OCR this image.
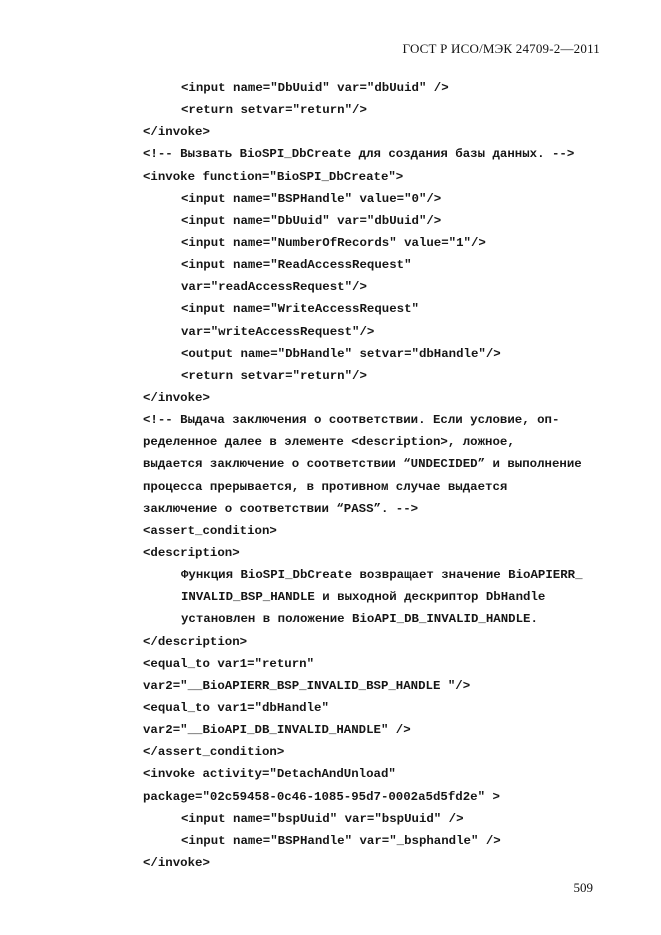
ГОСТ Р ИСО/МЭК 24709-2—2011
<input name="DbUuid" var="dbUuid" />
<return setvar="return"/>
</invoke>
<!-- Вызвать BioSPI_DbCreate для создания базы данных. -->
<invoke function="BioSPI_DbCreate">
<input name="BSPHandle" value="0"/>
<input name="DbUuid" var="dbUuid"/>
<input name="NumberOfRecords" value="1"/>
<input name="ReadAccessRequest"
var="readAccessRequest"/>
<input name="WriteAccessRequest"
var="writeAccessRequest"/>
<output name="DbHandle" setvar="dbHandle"/>
<return setvar="return"/>
</invoke>
<!-- Выдача заключения о соответствии. Если условие, оп-
ределенное далее в элементе <description>, ложное,
выдается заключение о соответствии “UNDECIDED” и выполнение
процесса прерывается, в противном случае выдается
заключение о соответствии “PASS”. -->
<assert_condition>
<description>
Функция BioSPI_DbCreate возвращает значение BioAPIERR_
INVALID_BSP_HANDLE и выходной дескриптор DbHandle
установлен в положение BioAPI_DB_INVALID_HANDLE.
</description>
<equal_to var1="return"
var2="__BioAPIERR_BSP_INVALID_BSP_HANDLE "/>
<equal_to var1="dbHandle"
var2="__BioAPI_DB_INVALID_HANDLE" />
</assert_condition>
<invoke activity="DetachAndUnload"
package="02c59458-0c46-1085-95d7-0002a5d5fd2e" >
<input name="bspUuid" var="bspUuid" />
<input name="BSPHandle" var="_bsphandle" />
</invoke>
509
